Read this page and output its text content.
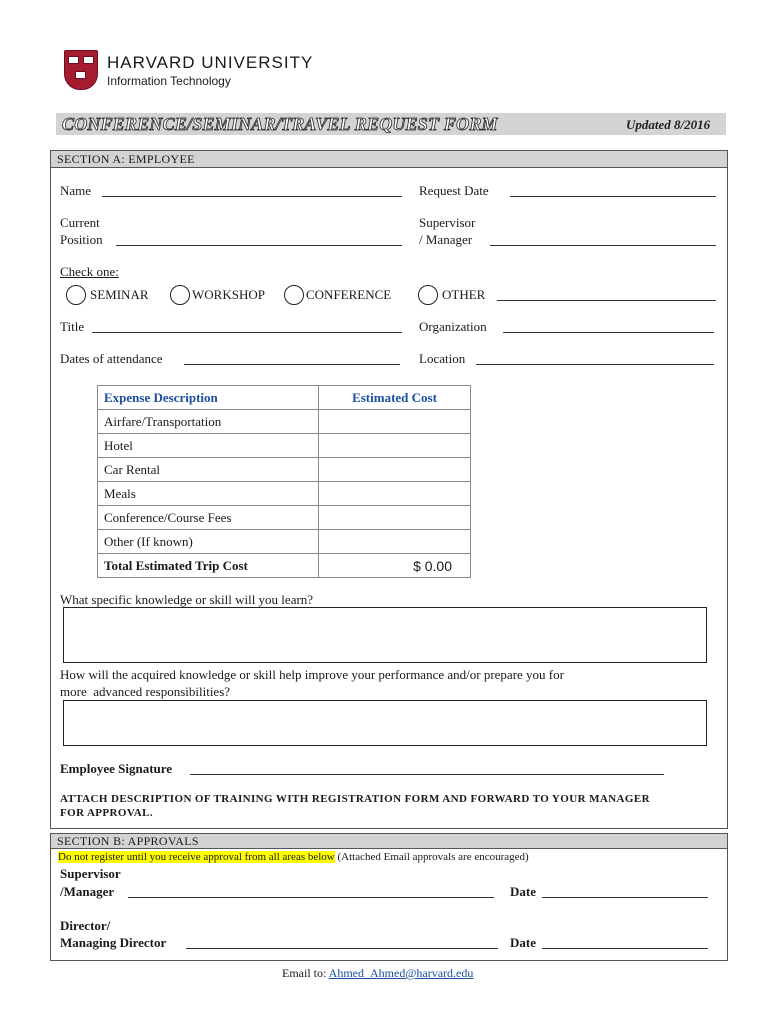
HARVARD UNIVERSITY
Information Technology
CONFERENCE/SEMINAR/TRAVEL REQUEST FORM	Updated 8/2016
SECTION A: EMPLOYEE
Name	Request Date
Current
Position
Supervisor
/ Manager
Check one:
SEMINAR	WORKSHOP	CONFERENCE	OTHER
Title	Organization
Dates of attendance	Location
Expense Description	Estimated Cost
Airfare/Transportation	
Hotel	
Car Rental	
Meals	
Conference/Course Fees	
Other (If known)	
Total Estimated Trip Cost	$ 0.00
What specific knowledge or skill will you learn?
How will the acquired knowledge or skill help improve your performance and/or prepare you for
more  advanced responsibilities?
Employee Signature
ATTACH DESCRIPTION OF TRAINING WITH REGISTRATION FORM AND FORWARD TO YOUR MANAGER
FOR APPROVAL.
SECTION B: APPROVALS
Do not register until you receive approval from all areas below (Attached Email approvals are encouraged)
Supervisor
/Manager	Date
Director/
Managing Director	Date
Email to: Ahmed_Ahmed@harvard.edu
